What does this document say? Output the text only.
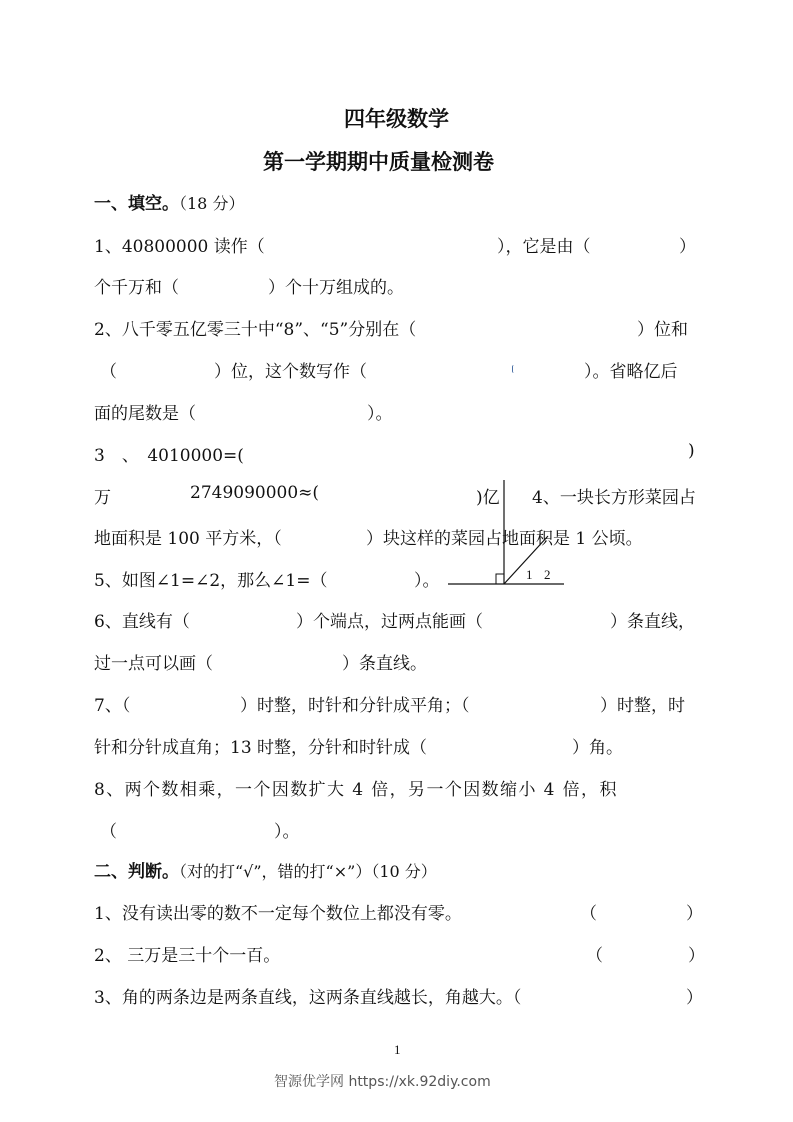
四年级数学
第一学期期中质量检测卷
一、填空。（18 分）
1、40800000 读作（	），它是由（	）
个千万和（	）个十万组成的。
2、八千零五亿零三十中“8”、“5”分别在（	）位和
（	）位，这个数写作（	）。省略亿后
面的尾数是（	）。
3　、　4010000=(	)
万	2749090000≈(	)亿 4、一块长方形菜园占
地面积是 100 平方米，（	）块这样的菜园占地面积是 1 公顷。
5、如图∠1=∠2，那么∠1=（	）。	1 2
6、直线有（	）个端点，过两点能画（	）条直线，
过一点可以画（	）条直线。
7、（	）时整，时针和分针成平角；（	）时整，时
针和分针成直角；13 时整，分针和时针成（	）角。
8、两个数相乘，一个因数扩大 4 倍，另一个因数缩小 4 倍，积
（	）。
二、判断。（对的打“√”，错的打“×”）（10 分）
1、没有读出零的数不一定每个数位上都没有零。	（	）
2、 三万是三十个一百。	（	）
3、角的两条边是两条直线，这两条直线越长，角越大。（	）
1
智源优学网 https://xk.92diy.com
